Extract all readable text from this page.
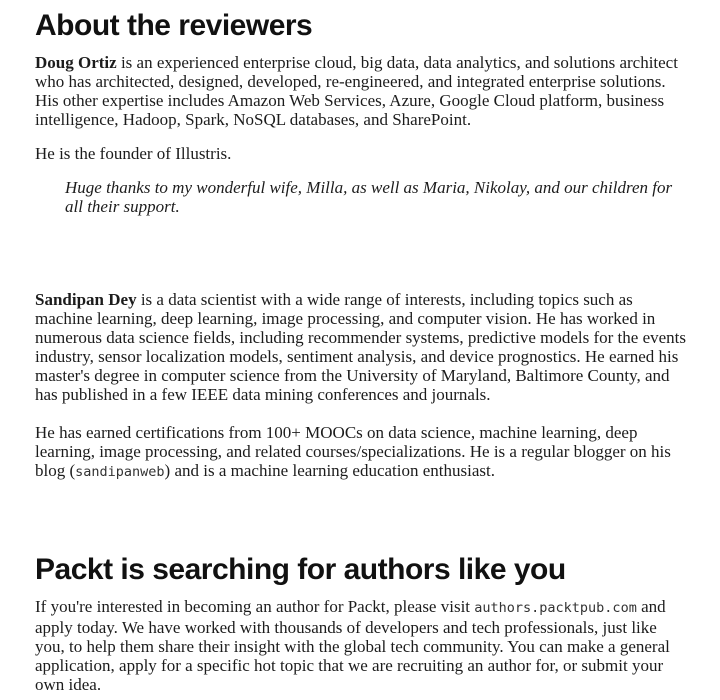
About the reviewers

Doug Ortiz is an experienced enterprise cloud, big data, data analytics, and solutions architect who has architected, designed, developed, re-engineered, and integrated enterprise solutions. His other expertise includes Amazon Web Services, Azure, Google Cloud platform, business intelligence, Hadoop, Spark, NoSQL databases, and SharePoint.

He is the founder of Illustris.

Huge thanks to my wonderful wife, Milla, as well as Maria, Nikolay, and our children for all their support.

Sandipan Dey is a data scientist with a wide range of interests, including topics such as machine learning, deep learning, image processing, and computer vision. He has worked in numerous data science fields, including recommender systems, predictive models for the events industry, sensor localization models, sentiment analysis, and device prognostics. He earned his master's degree in computer science from the University of Maryland, Baltimore County, and has published in a few IEEE data mining conferences and journals.

He has earned certifications from 100+ MOOCs on data science, machine learning, deep learning, image processing, and related courses/specializations. He is a regular blogger on his blog (sandipanweb) and is a machine learning education enthusiast.

Packt is searching for authors like you

If you're interested in becoming an author for Packt, please visit authors.packtpub.com and apply today. We have worked with thousands of developers and tech professionals, just like you, to help them share their insight with the global tech community. You can make a general application, apply for a specific hot topic that we are recruiting an author for, or submit your own idea.
